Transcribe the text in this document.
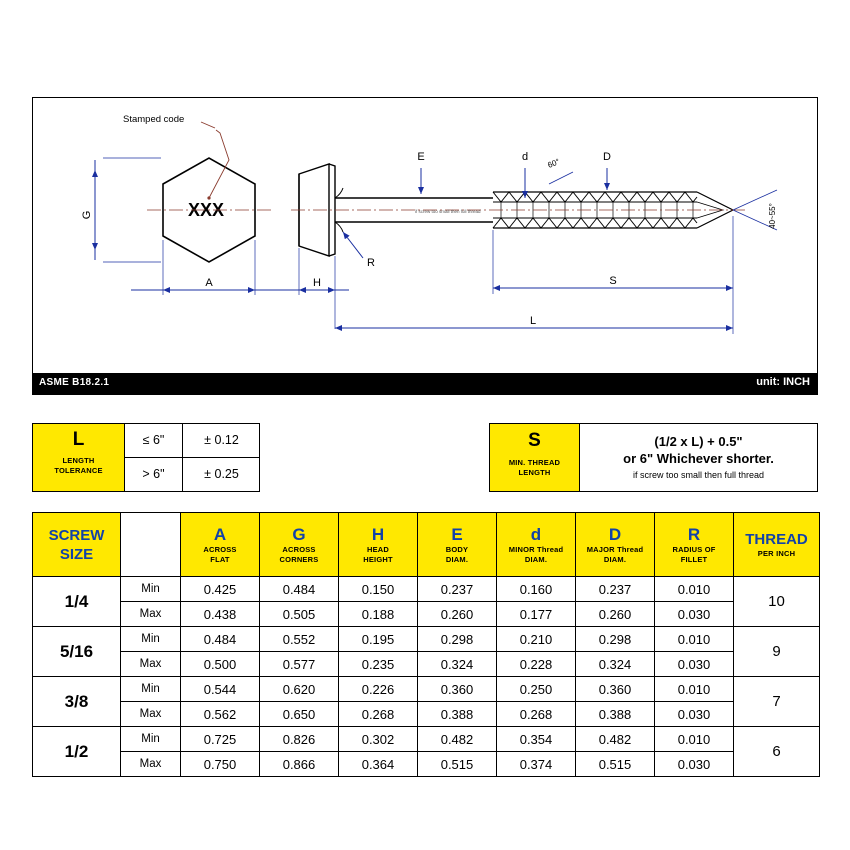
XXX
Stamped code
G
A
R
E	d	D
60°
40~55°
H	S
L
if screw too small then full thread
ASME B18.2.1	unit: INCH
L
LENGTH
TOLERANCE
≤ 6"	± 0.12
> 6"	± 0.25
S
MIN. THREAD
LENGTH
(1/2 x L) + 0.5"
or 6" Whichever shorter.
if screw too small then full thread
SCREW
SIZE

A
ACROSS
FLAT

G
ACROSS
CORNERS

H
HEAD
HEIGHT

E
BODY
DIAM.

d
MINOR Thread
DIAM.

D
MAJOR Thread
DIAM.

R
RADIUS OF
FILLET

THREAD
PER INCH

1/4	Min	0.425	0.484	0.150	0.237	0.160	0.237	0.010	10
	Max	0.438	0.505	0.188	0.260	0.177	0.260	0.030	
5/16	Min	0.484	0.552	0.195	0.298	0.210	0.298	0.010	9
	Max	0.500	0.577	0.235	0.324	0.228	0.324	0.030	
3/8	Min	0.544	0.620	0.226	0.360	0.250	0.360	0.010	7
	Max	0.562	0.650	0.268	0.388	0.268	0.388	0.030	
1/2	Min	0.725	0.826	0.302	0.482	0.354	0.482	0.010	6
	Max	0.750	0.866	0.364	0.515	0.374	0.515	0.030	
